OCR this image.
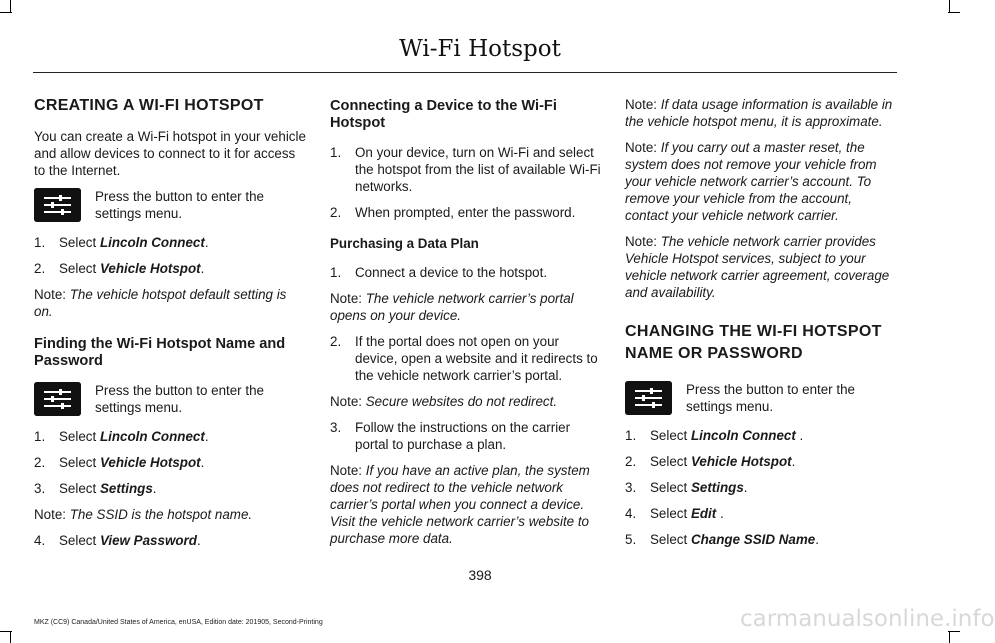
Wi-Fi Hotspot
CREATING A WI-FI HOTSPOT

You can create a Wi-Fi hotspot in your vehicle and allow devices to connect to it for access to the Internet.

Press the button to enter the settings menu.
1.	Select Lincoln Connect.
2.	Select Vehicle Hotspot.

Note: The vehicle hotspot default setting is on.

Finding the Wi-Fi Hotspot Name and Password
Press the button to enter the settings menu.
1.	Select Lincoln Connect.
2.	Select Vehicle Hotspot.
3.	Select Settings.

Note: The SSID is the hotspot name.

4.	Select View Password.
Connecting a Device to the Wi-Fi Hotspot
1.	On your device, turn on Wi-Fi and select the hotspot from the list of available Wi-Fi networks.
2.	When prompted, enter the password.

Purchasing a Data Plan

1.	Connect a device to the hotspot.

Note: The vehicle network carrier’s portal opens on your device.

2.	If the portal does not open on your device, open a website and it redirects to the vehicle network carrier’s portal.

Note: Secure websites do not redirect.

3.	Follow the instructions on the carrier portal to purchase a plan.

Note: If you have an active plan, the system does not redirect to the vehicle network carrier’s portal when you connect a device. Visit the vehicle network carrier’s website to purchase more data.

Note: If data usage information is available in the vehicle hotspot menu, it is approximate.

Note: If you carry out a master reset, the system does not remove your vehicle from your vehicle network carrier’s account. To remove your vehicle from the account, contact your vehicle network carrier.

Note: The vehicle network carrier provides Vehicle Hotspot services, subject to your vehicle network carrier agreement, coverage and availability.

CHANGING THE WI-FI HOTSPOT
NAME OR PASSWORD
Press the button to enter the settings menu.
1.	Select Lincoln Connect .
2.	Select Vehicle Hotspot.
3.	Select Settings.
4.	Select Edit .
5.	Select Change SSID Name.
398
MKZ (CC9) Canada/United States of America, enUSA, Edition date: 201905, Second-Printing	carmanualsonline.info
